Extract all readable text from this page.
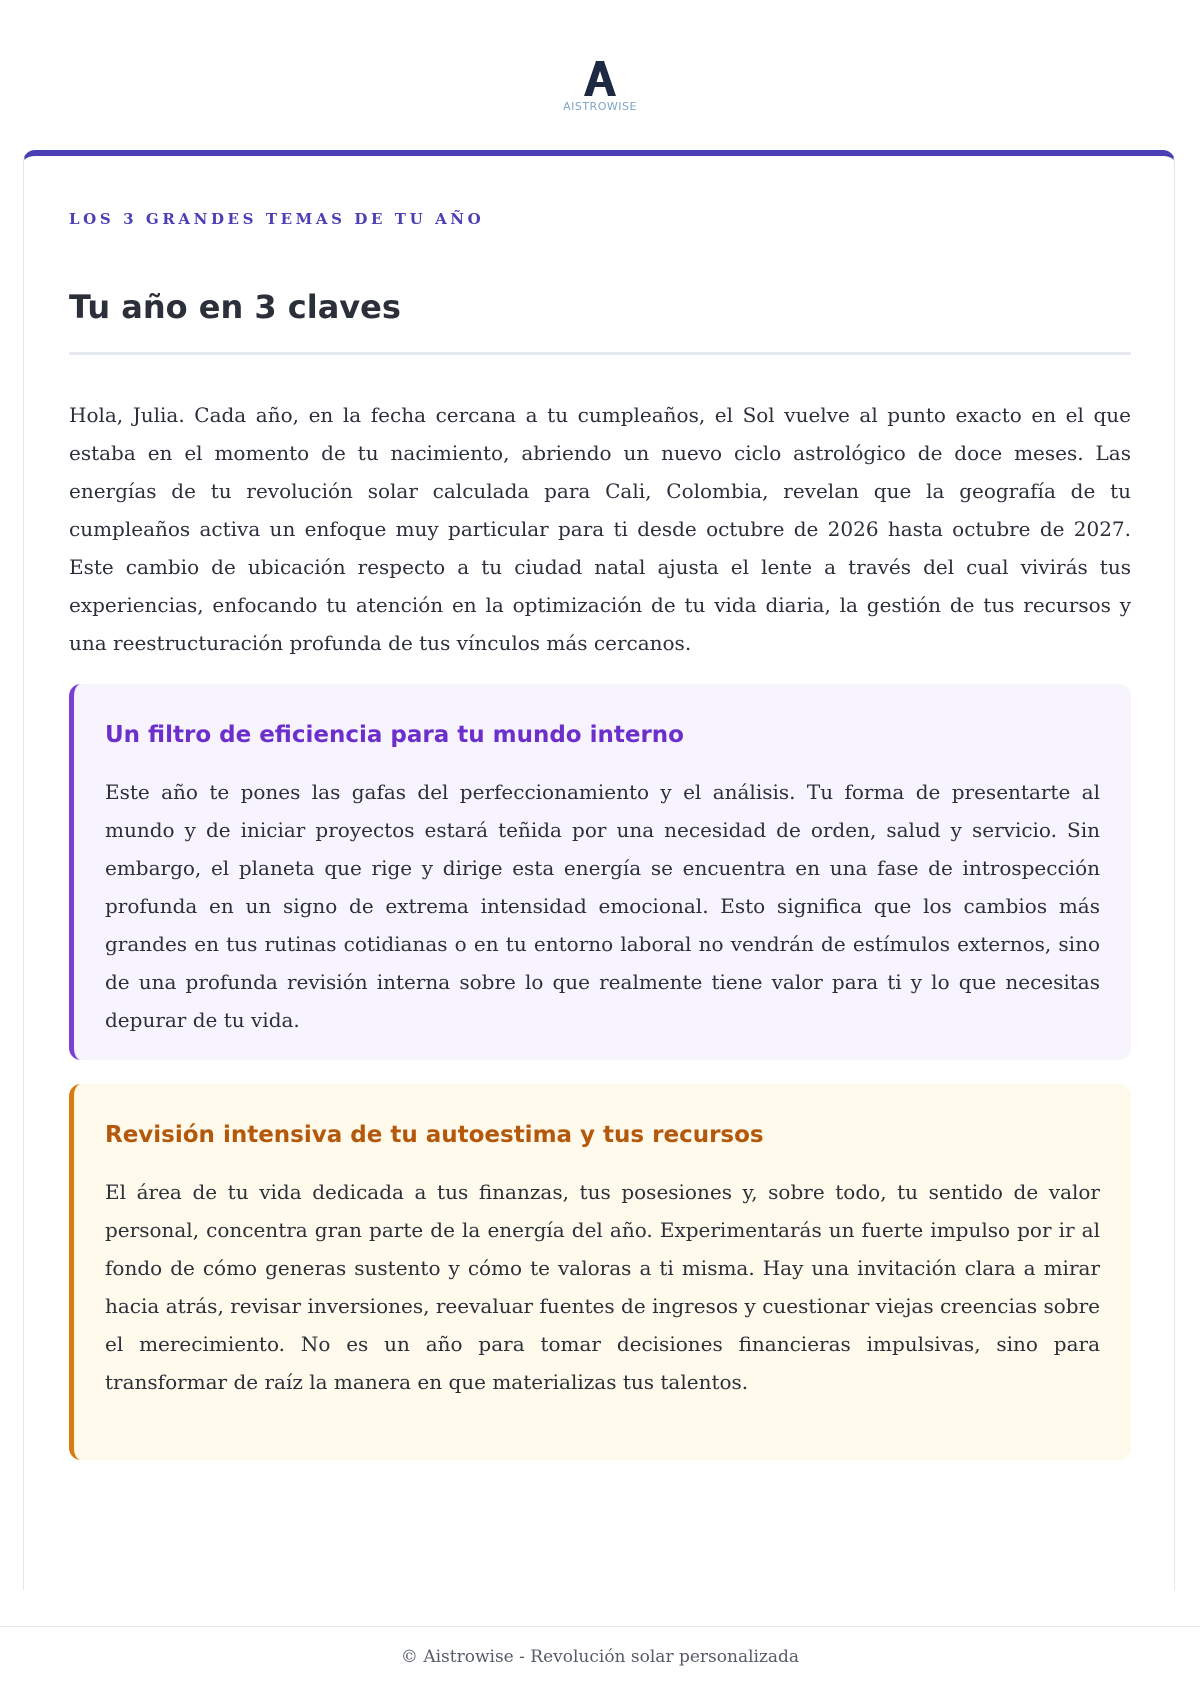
AISTROWISE
LOS 3 GRANDES TEMAS DE TU AÑO
Tu año en 3 claves

Hola, Julia. Cada año, en la fecha cercana a tu cumpleaños, el Sol vuelve al punto exacto en el que estaba en el momento de tu nacimiento, abriendo un nuevo ciclo astrológico de doce meses. Las energías de tu revolución solar calculada para Cali, Colombia, revelan que la geografía de tu cumpleaños activa un enfoque muy particular para ti desde octubre de 2026 hasta octubre de 2027. Este cambio de ubicación respecto a tu ciudad natal ajusta el lente a través del cual vivirás tus experiencias, enfocando tu atención en la optimización de tu vida diaria, la gestión de tus recursos y una reestructuración profunda de tus vínculos más cercanos.

Un filtro de eficiencia para tu mundo interno

Este año te pones las gafas del perfeccionamiento y el análisis. Tu forma de presentarte al mundo y de iniciar proyectos estará teñida por una necesidad de orden, salud y servicio. Sin embargo, el planeta que rige y dirige esta energía se encuentra en una fase de introspección profunda en un signo de extrema intensidad emocional. Esto significa que los cambios más grandes en tus rutinas cotidianas o en tu entorno laboral no vendrán de estímulos externos, sino de una profunda revisión interna sobre lo que realmente tiene valor para ti y lo que necesitas depurar de tu vida.

Revisión intensiva de tu autoestima y tus recursos

El área de tu vida dedicada a tus finanzas, tus posesiones y, sobre todo, tu sentido de valor personal, concentra gran parte de la energía del año. Experimentarás un fuerte impulso por ir al fondo de cómo generas sustento y cómo te valoras a ti misma. Hay una invitación clara a mirar hacia atrás, revisar inversiones, reevaluar fuentes de ingresos y cuestionar viejas creencias sobre el merecimiento. No es un año para tomar decisiones financieras impulsivas, sino para transformar de raíz la manera en que materializas tus talentos.

© Aistrowise - Revolución solar personalizada
